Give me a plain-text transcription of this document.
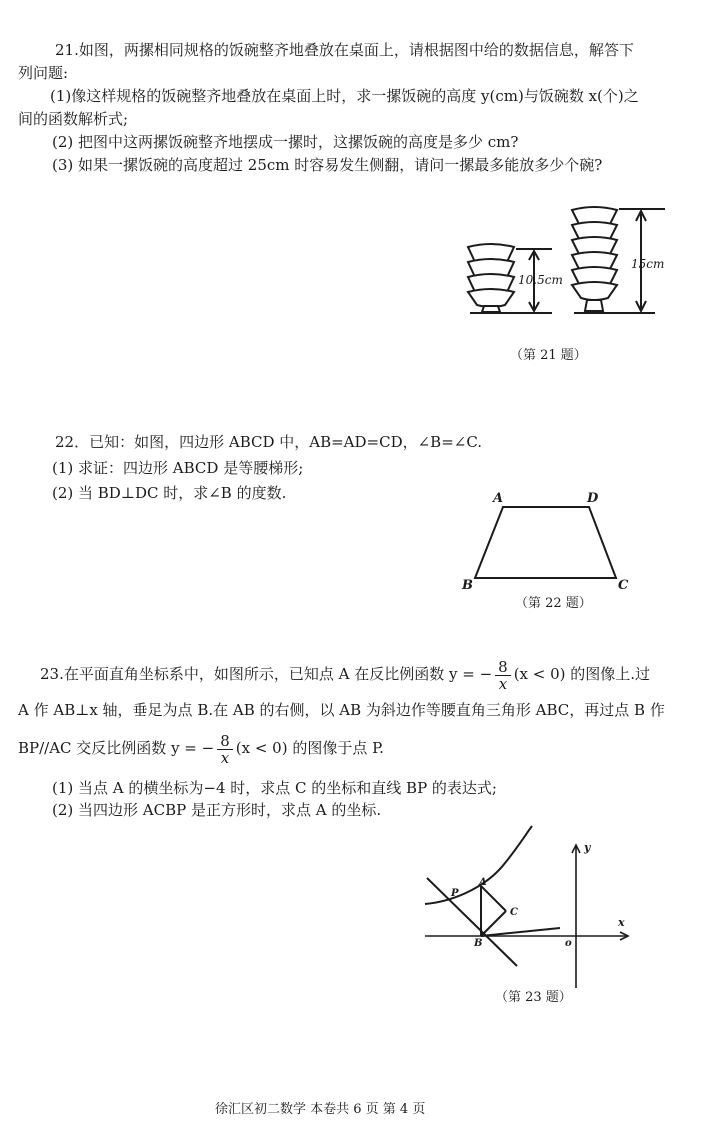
21.如图，两摞相同规格的饭碗整齐地叠放在桌面上，请根据图中给的数据信息，解答下
列问题:
(1)像这样规格的饭碗整齐地叠放在桌面上时，求一摞饭碗的高度 y(cm)与饭碗数 x(个)之
间的函数解析式;
(2) 把图中这两摞饭碗整齐地摆成一摞时，这摞饭碗的高度是多少 cm?
(3) 如果一摞饭碗的高度超过 25cm 时容易发生侧翻，请问一摞最多能放多少个碗?
10.5cm
15cm
A	D
B	C
y
x
o
P
A
C
B
（第 21 题）
22．已知：如图，四边形 ABCD 中，AB=AD=CD，∠B=∠C.
(1) 求证：四边形 ABCD 是等腰梯形;
(2) 当 BD⊥DC 时，求∠B 的度数.
（第 22 题）
23.在平面直角坐标系中，如图所示，已知点 A 在反比例函数 y = − $\frac{8}{x} (x < 0)$ 的图像上.过
A 作 AB⊥x 轴，垂足为点 B.在 AB 的右侧，以 AB 为斜边作等腰直角三角形 ABC，再过点 B 作
BP//AC 交反比例函数 y = − $\frac{8}{x} (x < 0)$ 的图像于点 P.
(1) 当点 A 的横坐标为−4 时，求点 C 的坐标和直线 BP 的表达式;
(2) 当四边形 ACBP 是正方形时，求点 A 的坐标.
（第 23 题）
徐汇区初二数学 本卷共 6 页 第 4 页
